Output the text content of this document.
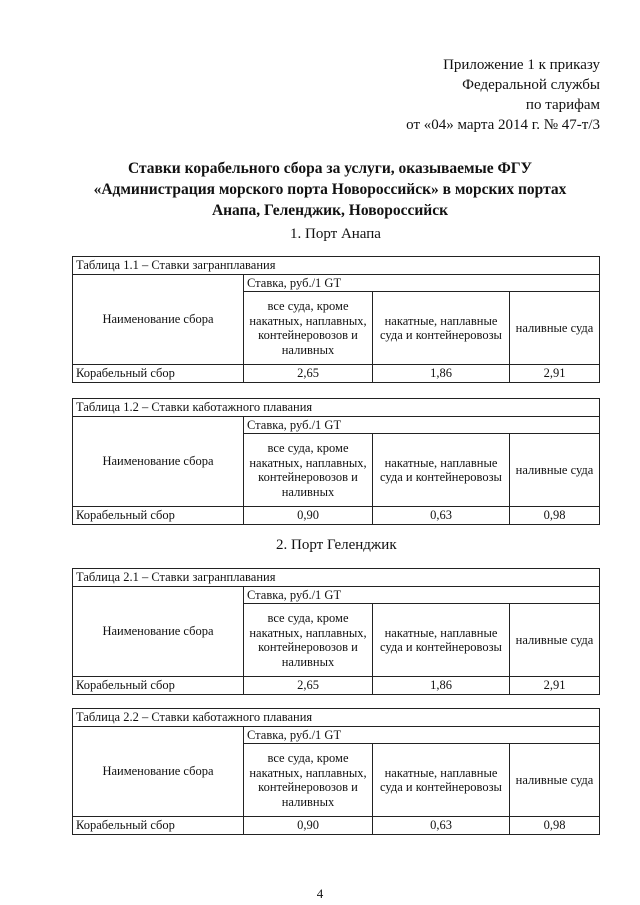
Приложение 1 к приказу
Федеральной службы
по тарифам
от «04» марта 2014 г. № 47-т/3
Ставки корабельного сбора за услуги, оказываемые ФГУ «Администрация морского порта Новороссийск» в морских портах Анапа, Геленджик, Новороссийск
1. Порт Анапа
Таблица 1.1 – Ставки загранплавания			
Наименование сбора	Ставка, руб./1 GT		
	все суда, кроме накатных, наплавных, контейнеровозов и наливных	накатные, наплавные суда и контейнеровозы	наливные суда
Корабельный сбор	2,65	1,86	2,91
Таблица 1.2 – Ставки каботажного плавания			
Наименование сбора	Ставка, руб./1 GT		
	все суда, кроме накатных, наплавных, контейнеровозов и наливных	накатные, наплавные суда и контейнеровозы	наливные суда
Корабельный сбор	0,90	0,63	0,98
2. Порт Геленджик
Таблица 2.1 – Ставки загранплавания			
Наименование сбора	Ставка, руб./1 GT		
	все суда, кроме накатных, наплавных, контейнеровозов и наливных	накатные, наплавные суда и контейнеровозы	наливные суда
Корабельный сбор	2,65	1,86	2,91
Таблица 2.2 – Ставки каботажного плавания			
Наименование сбора	Ставка, руб./1 GT		
	все суда, кроме накатных, наплавных, контейнеровозов и наливных	накатные, наплавные суда и контейнеровозы	наливные суда
Корабельный сбор	0,90	0,63	0,98
4
